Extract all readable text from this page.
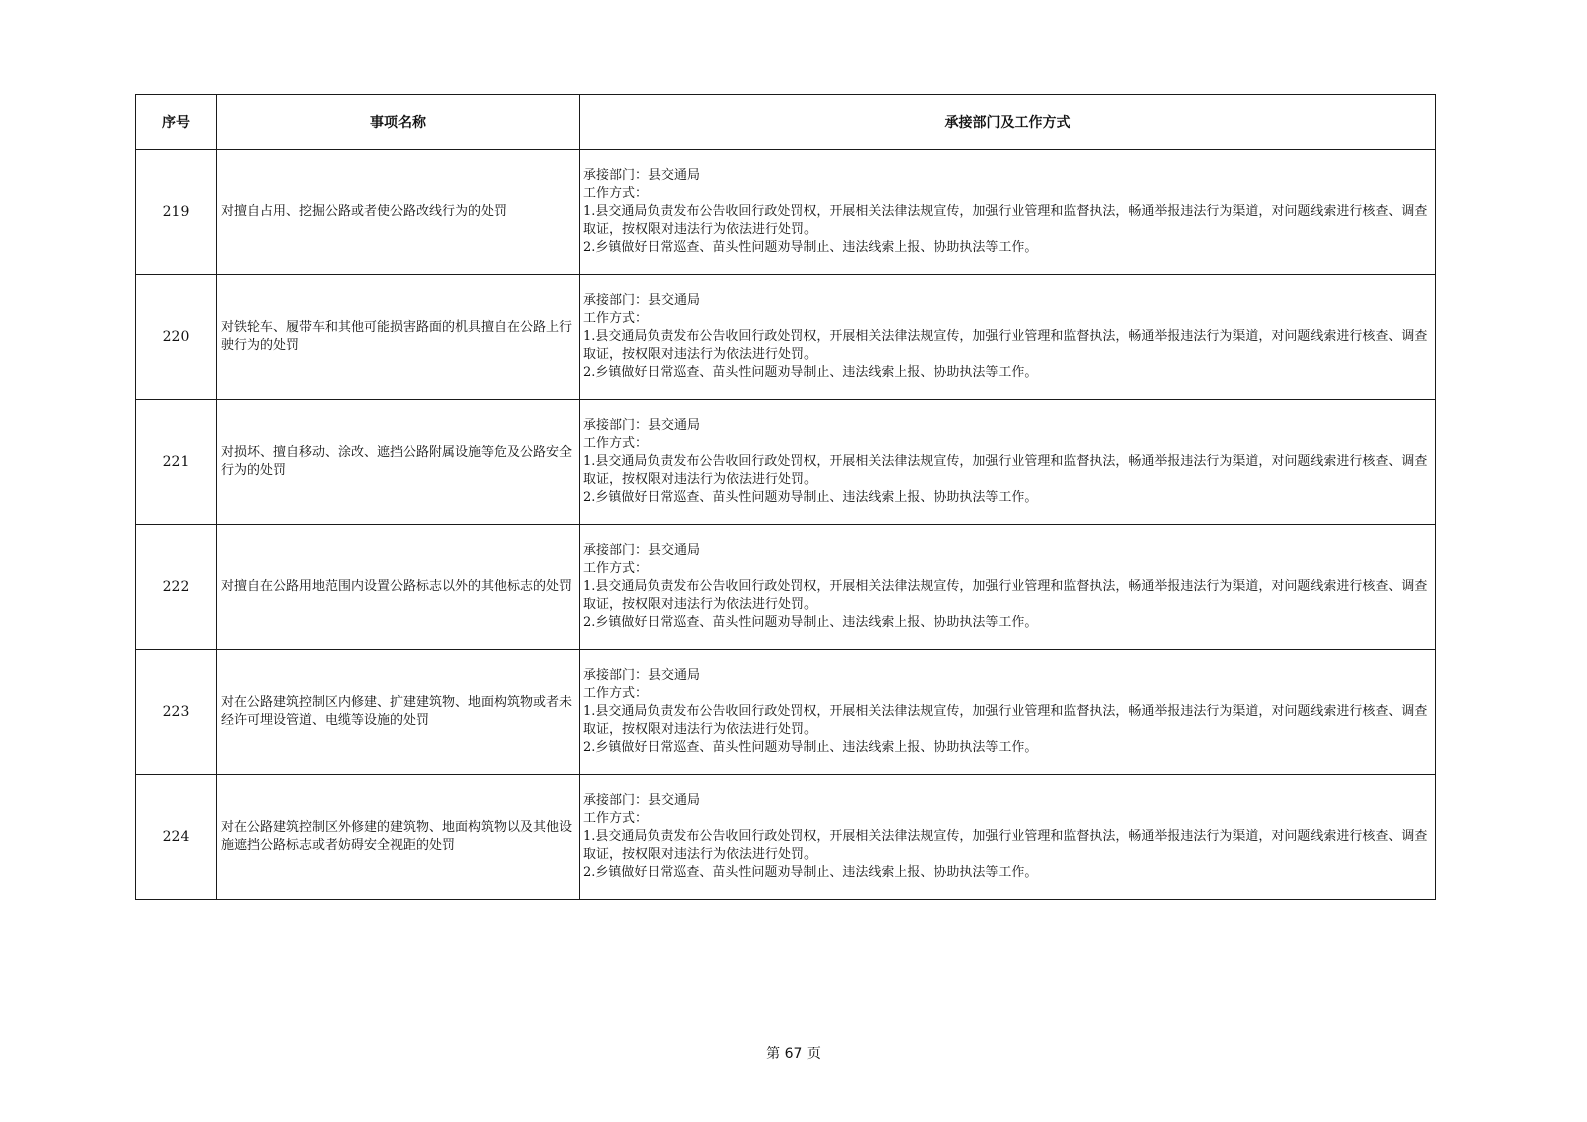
序号	事项名称	承接部门及工作方式
219	对擅自占用、挖掘公路或者使公路改线行为的处罚	承接部门：县交通局
工作方式：
1.县交通局负责发布公告收回行政处罚权，开展相关法律法规宣传，加强行业管理和监督执法，畅通举报违法行为渠道，对问题线索进行核查、调查取证，按权限对违法行为依法进行处罚。
2.乡镇做好日常巡查、苗头性问题劝导制止、违法线索上报、协助执法等工作。

220	对铁轮车、履带车和其他可能损害路面的机具擅自在公路上行驶行为的处罚	承接部门：县交通局
工作方式：
1.县交通局负责发布公告收回行政处罚权，开展相关法律法规宣传，加强行业管理和监督执法，畅通举报违法行为渠道，对问题线索进行核查、调查取证，按权限对违法行为依法进行处罚。
2.乡镇做好日常巡查、苗头性问题劝导制止、违法线索上报、协助执法等工作。

221	对损坏、擅自移动、涂改、遮挡公路附属设施等危及公路安全行为的处罚	承接部门：县交通局
工作方式：
1.县交通局负责发布公告收回行政处罚权，开展相关法律法规宣传，加强行业管理和监督执法，畅通举报违法行为渠道，对问题线索进行核查、调查取证，按权限对违法行为依法进行处罚。
2.乡镇做好日常巡查、苗头性问题劝导制止、违法线索上报、协助执法等工作。

222	对擅自在公路用地范围内设置公路标志以外的其他标志的处罚	承接部门：县交通局
工作方式：
1.县交通局负责发布公告收回行政处罚权，开展相关法律法规宣传，加强行业管理和监督执法，畅通举报违法行为渠道，对问题线索进行核查、调查取证，按权限对违法行为依法进行处罚。
2.乡镇做好日常巡查、苗头性问题劝导制止、违法线索上报、协助执法等工作。

223	对在公路建筑控制区内修建、扩建建筑物、地面构筑物或者未经许可埋设管道、电缆等设施的处罚	承接部门：县交通局
工作方式：
1.县交通局负责发布公告收回行政处罚权，开展相关法律法规宣传，加强行业管理和监督执法，畅通举报违法行为渠道，对问题线索进行核查、调查取证，按权限对违法行为依法进行处罚。
2.乡镇做好日常巡查、苗头性问题劝导制止、违法线索上报、协助执法等工作。

224	对在公路建筑控制区外修建的建筑物、地面构筑物以及其他设施遮挡公路标志或者妨碍安全视距的处罚	承接部门：县交通局
工作方式：
1.县交通局负责发布公告收回行政处罚权，开展相关法律法规宣传，加强行业管理和监督执法，畅通举报违法行为渠道，对问题线索进行核查、调查取证，按权限对违法行为依法进行处罚。
2.乡镇做好日常巡查、苗头性问题劝导制止、违法线索上报、协助执法等工作。
第 67 页
